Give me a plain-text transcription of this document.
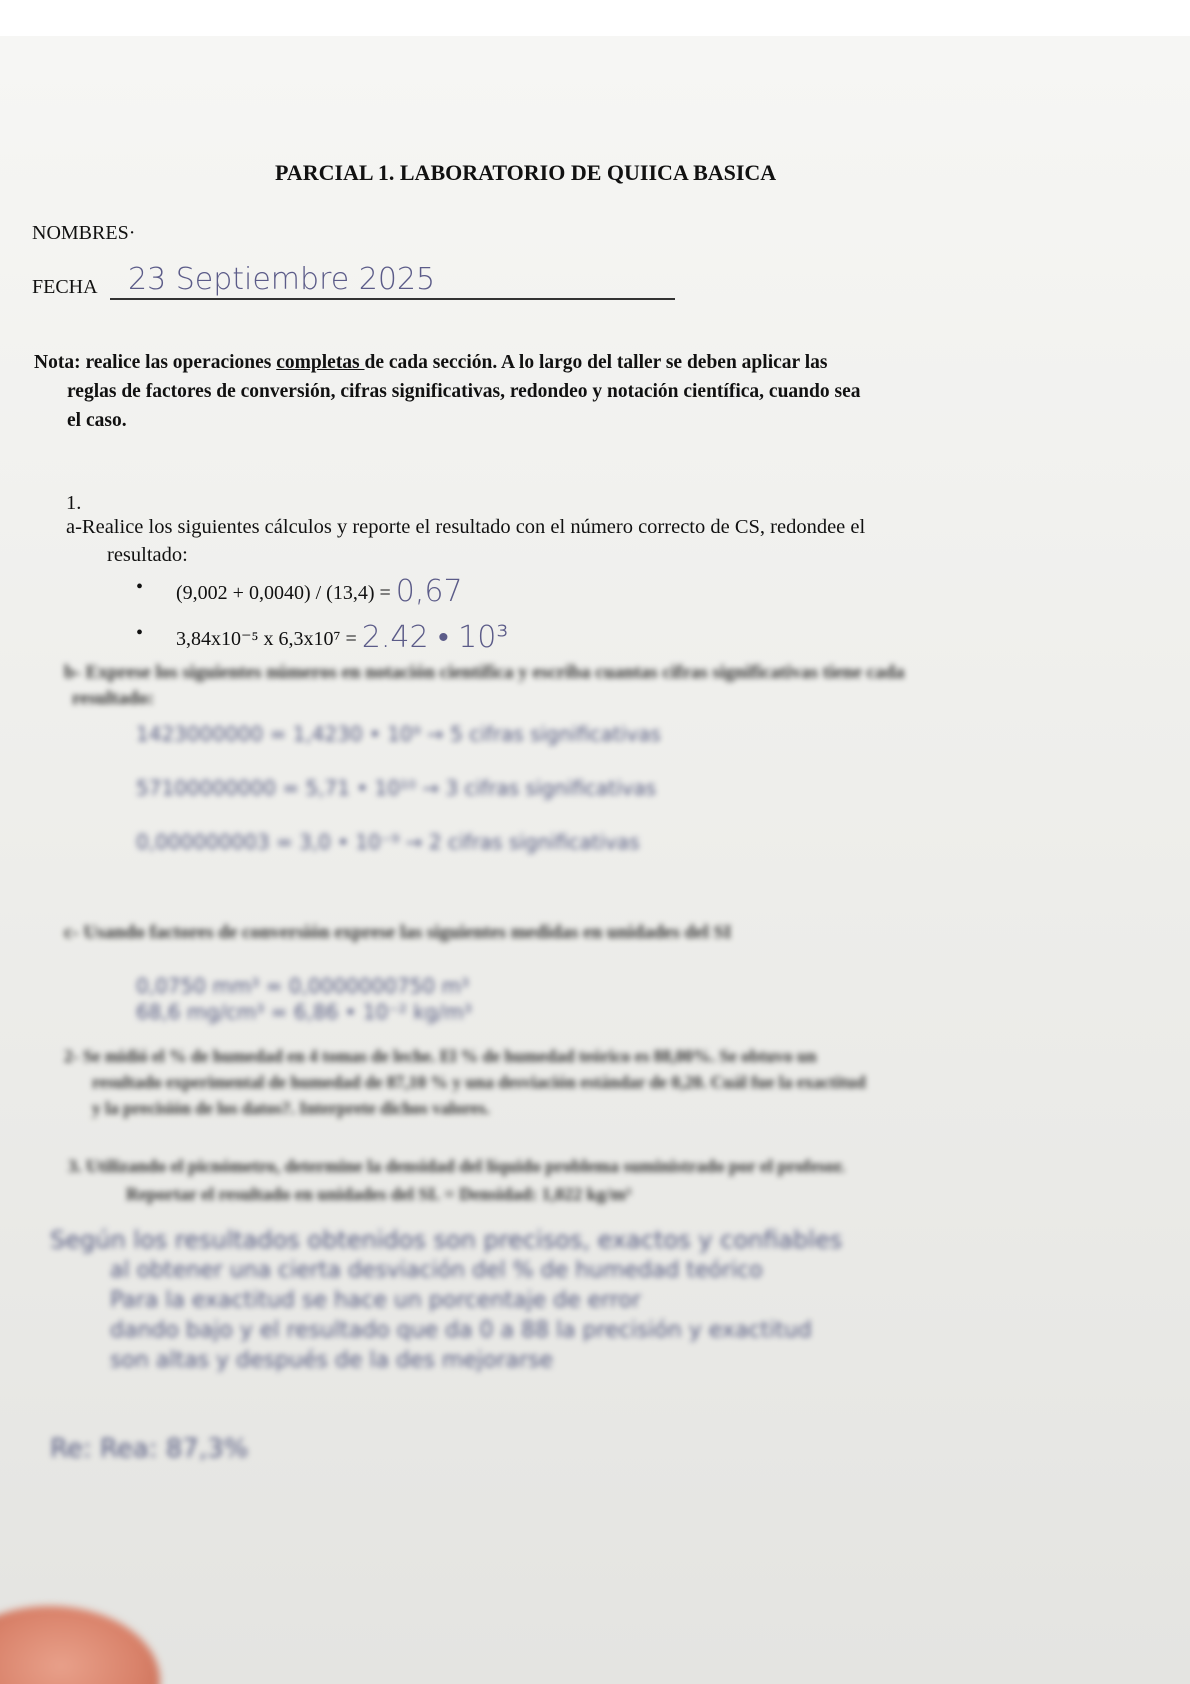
PARCIAL 1. LABORATORIO DE QUIICA BASICA
NOMBRES·
FECHA 23 Septiembre 2025
Nota: realice las operaciones completas de cada sección. A lo largo del taller se deben aplicar las
reglas de factores de conversión, cifras significativas, redondeo y notación científica, cuando sea
el caso.
1.
a-Realice los siguientes cálculos y reporte el resultado con el número correcto de CS, redondee el
resultado:
• (9,002 + 0,0040) / (13,4) = 0,67
• 3,84x10⁻⁵ x 6,3x10⁷ = 2.42 • 10³
b- Exprese los siguientes números en notación científica y escriba cuantas cifras significativas tiene cada
resultado:
1423000000 = 1,4230 • 10⁹ → 5 cifras significativas
57100000000 = 5,71 • 10¹⁰ → 3 cifras significativas
0,000000003 = 3,0 • 10⁻⁹ → 2 cifras significativas
c- Usando factores de conversión exprese las siguientes medidas en unidades del SI
0,0750 mm³ = 0,0000000750 m³
68,6 mg/cm³ = 6,86 • 10⁻² kg/m³
2- Se midió el % de humedad en 4 tomas de leche. El % de humedad teórico es 88,00%. Se obtuvo un
resultado experimental de humedad de 87,10 % y una desviación estándar de 0,20. Cuál fue la exactitud
y la precisión de los datos?. Interprete dichos valores.
3. Utilizando el picnómetro, determine la densidad del líquido problema suministrado por el profesor.
Reportar el resultado en unidades del SI. = Densidad: 1,022 kg/m³
Según los resultados obtenidos son precisos, exactos y confiables
al obtener una cierta desviación del % de humedad teórico
Para la exactitud se hace un porcentaje de error
dando bajo y el resultado que da 0 a 88 la precisión y exactitud
son altas y después de la des mejorarse
Re: Rea: 87,3%
